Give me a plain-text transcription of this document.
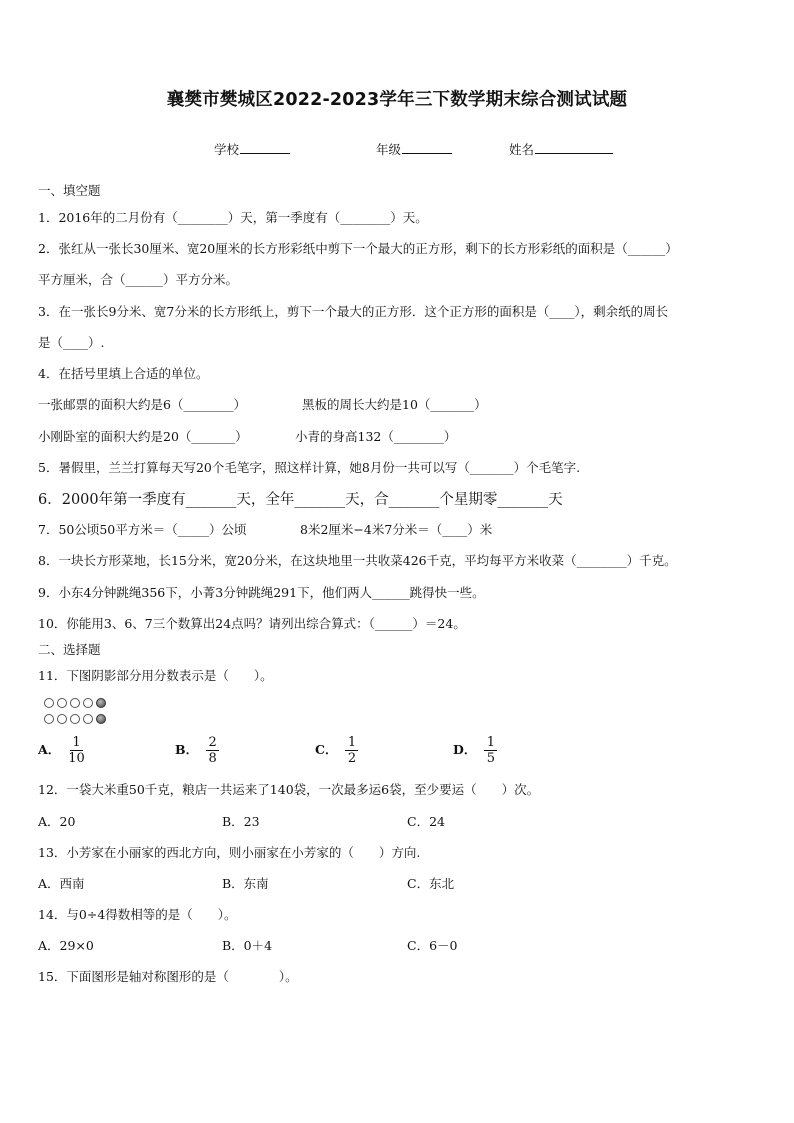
襄樊市樊城区2022-2023学年三下数学期末综合测试试题
学校	年级	姓名
一、填空题
1．2016年的二月份有（________）天，第一季度有（________）天。
2．张红从一张长30厘米、宽20厘米的长方形彩纸中剪下一个最大的正方形，剩下的长方形彩纸的面积是（______）
平方厘米，合（______）平方分米。
3．在一张长9分米、宽7分米的长方形纸上，剪下一个最大的正方形．这个正方形的面积是（____），剩余纸的周长
是（____）.
4．在括号里填上合适的单位。
一张邮票的面积大约是6（________）	黑板的周长大约是10（_______）
小刚卧室的面积大约是20（_______）	小青的身高132（________）
5．暑假里，兰兰打算每天写20个毛笔字，照这样计算，她8月份一共可以写（_______）个毛笔字.
6．2000年第一季度有_______天，全年_______天，合_______个星期零_______天
7．50公顷50平方米＝（_____）公顷	8米2厘米−4米7分米＝（____）米
8．一块长方形菜地，长15分米，宽20分米，在这块地里一共收菜426千克，平均每平方米收菜（________）千克。
9．小东4分钟跳绳356下，小菁3分钟跳绳291下，他们两人______跳得快一些。
10．你能用3、6、7三个数算出24点吗？请列出综合算式：（______）＝24。
二、选择题
11．下图阴影部分用分数表示是（　　）。
A． $\frac{1}{10}$	B． $\frac{2}{8}$	C． $\frac{1}{2}$	D． $\frac{1}{5}$
12．一袋大米重50千克，粮店一共运来了140袋，一次最多运6袋，至少要运（　　）次。
A．20	B．23	C．24
13．小芳家在小丽家的西北方向，则小丽家在小芳家的（　　）方向.
A．西南	B．东南	C．东北
14．与0÷4得数相等的是（　　）。
A．29×0	B．0＋4	C．6－0
15．下面图形是轴对称图形的是（　　　　）。
